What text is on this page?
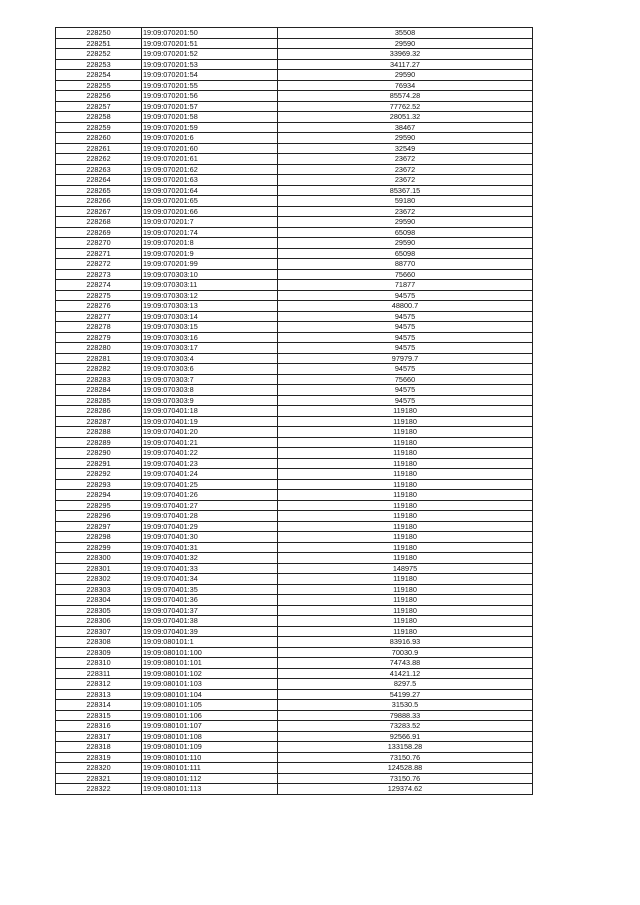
228250	19:09:070201:50	35508
228251	19:09:070201:51	29590
228252	19:09:070201:52	33969.32
228253	19:09:070201:53	34117.27
228254	19:09:070201:54	29590
228255	19:09:070201:55	76934
228256	19:09:070201:56	85574.28
228257	19:09:070201:57	77762.52
228258	19:09:070201:58	28051.32
228259	19:09:070201:59	38467
228260	19:09:070201:6	29590
228261	19:09:070201:60	32549
228262	19:09:070201:61	23672
228263	19:09:070201:62	23672
228264	19:09:070201:63	23672
228265	19:09:070201:64	85367.15
228266	19:09:070201:65	59180
228267	19:09:070201:66	23672
228268	19:09:070201:7	29590
228269	19:09:070201:74	65098
228270	19:09:070201:8	29590
228271	19:09:070201:9	65098
228272	19:09:070201:99	88770
228273	19:09:070303:10	75660
228274	19:09:070303:11	71877
228275	19:09:070303:12	94575
228276	19:09:070303:13	48800.7
228277	19:09:070303:14	94575
228278	19:09:070303:15	94575
228279	19:09:070303:16	94575
228280	19:09:070303:17	94575
228281	19:09:070303:4	97979.7
228282	19:09:070303:6	94575
228283	19:09:070303:7	75660
228284	19:09:070303:8	94575
228285	19:09:070303:9	94575
228286	19:09:070401:18	119180
228287	19:09:070401:19	119180
228288	19:09:070401:20	119180
228289	19:09:070401:21	119180
228290	19:09:070401:22	119180
228291	19:09:070401:23	119180
228292	19:09:070401:24	119180
228293	19:09:070401:25	119180
228294	19:09:070401:26	119180
228295	19:09:070401:27	119180
228296	19:09:070401:28	119180
228297	19:09:070401:29	119180
228298	19:09:070401:30	119180
228299	19:09:070401:31	119180
228300	19:09:070401:32	119180
228301	19:09:070401:33	148975
228302	19:09:070401:34	119180
228303	19:09:070401:35	119180
228304	19:09:070401:36	119180
228305	19:09:070401:37	119180
228306	19:09:070401:38	119180
228307	19:09:070401:39	119180
228308	19:09:080101:1	83916.93
228309	19:09:080101:100	70030.9
228310	19:09:080101:101	74743.88
228311	19:09:080101:102	41421.12
228312	19:09:080101:103	8297.5
228313	19:09:080101:104	54199.27
228314	19:09:080101:105	31530.5
228315	19:09:080101:106	79888.33
228316	19:09:080101:107	73283.52
228317	19:09:080101:108	92566.91
228318	19:09:080101:109	133158.28
228319	19:09:080101:110	73150.76
228320	19:09:080101:111	124528.88
228321	19:09:080101:112	73150.76
228322	19:09:080101:113	129374.62
